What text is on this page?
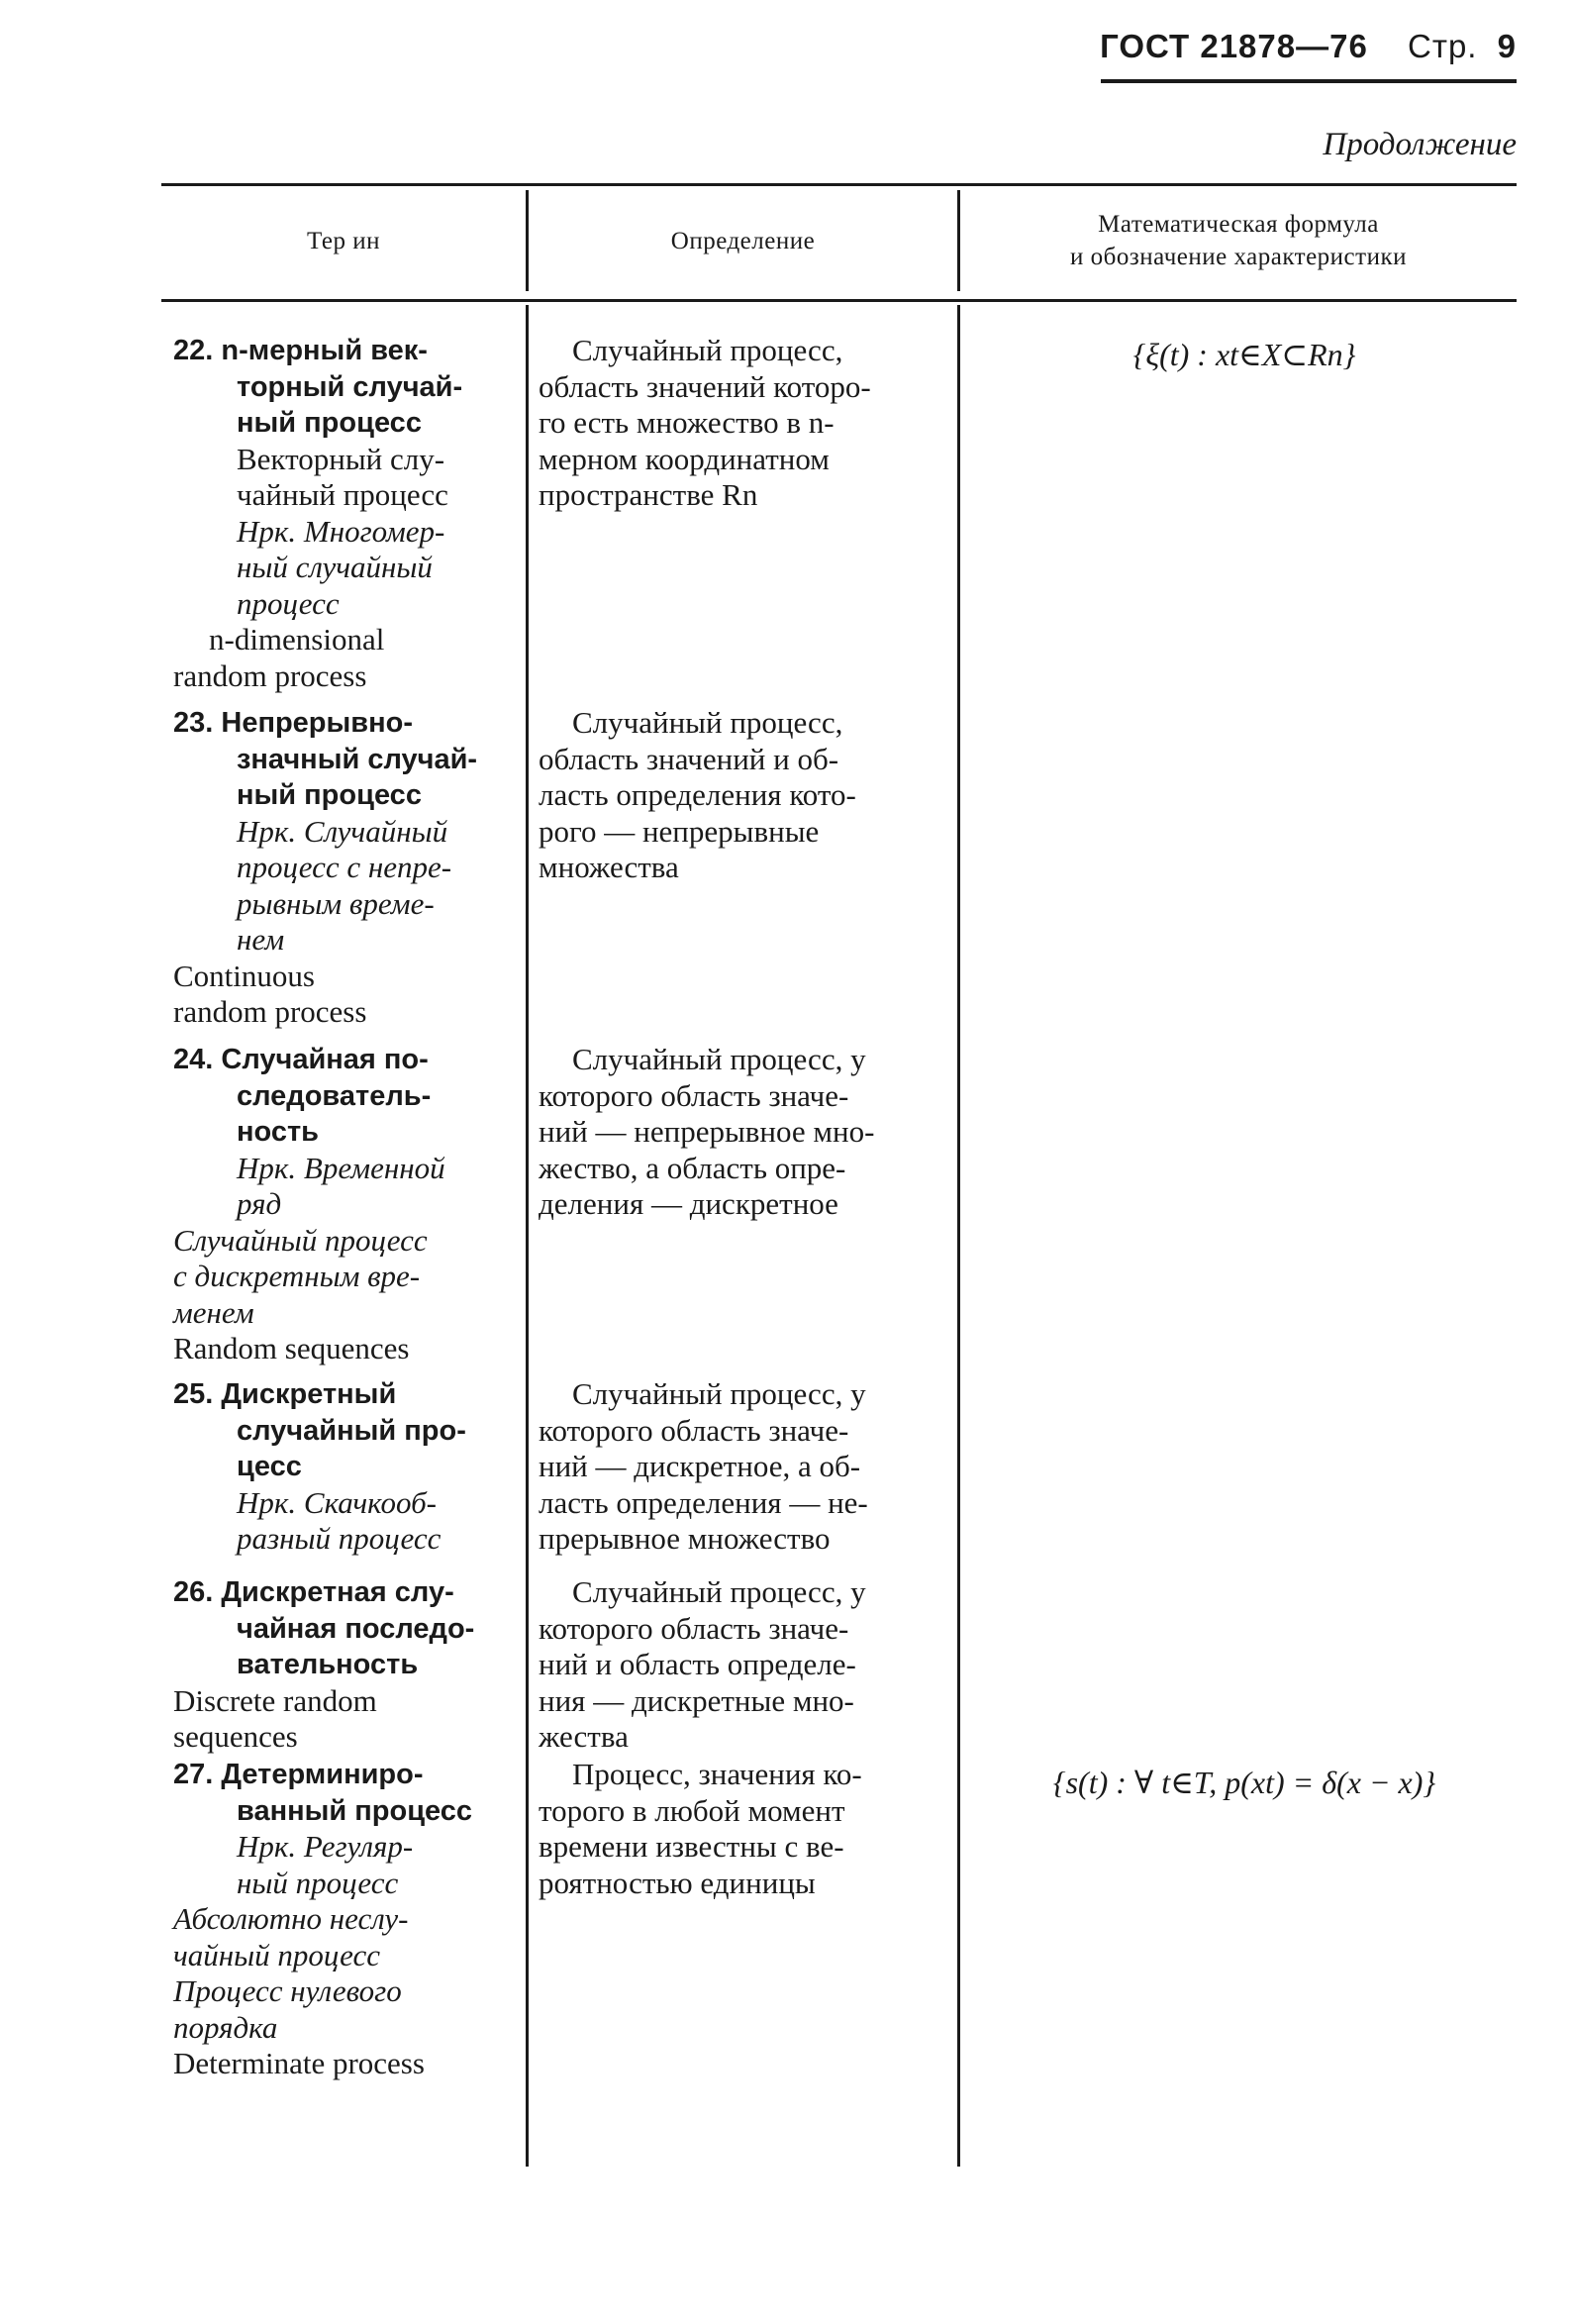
ГОСТ 21878—76 Стр. 9
Продолжение
Тер ин	Определение
Математическая формула
и обозначение характеристики
22. n-мерный век-
торный случай-
ный процесс
Векторный слу-
чайный процесс
Нрк. Многомер-
ный случайный
процесс
n-dimensional
random process
Случайный процесс,
область значений которо-
го есть множество в n-
мерном координатном
пространстве Rn
{ξ(t) : xt∈X⊂Rn}
23. Непрерывно-
значный случай-
ный процесс
Нрк. Случайный
процесс с непре-
рывным време-
нем
Continuous
random process
Случайный процесс,
область значений и об-
ласть определения кото-
рого — непрерывные
множества
24. Случайная по-
следователь-
ность
Нрк. Временной
ряд
Случайный процесс
с дискретным вре-
менем
Random sequences
Случайный процесс, у
которого область значе-
ний — непрерывное мно-
жество, а область опре-
деления — дискретное
25. Дискретный
случайный про-
цесс
Нрк. Скачкооб-
разный процесс
Случайный процесс, у
которого область значе-
ний — дискретное, а об-
ласть определения — не-
прерывное множество
26. Дискретная слу-
чайная последо-
вательность
Discrete random
sequences
Случайный процесс, у
которого область значе-
ний и область определе-
ния — дискретные мно-
жества
27. Детерминиро-
ванный процесс
Нрк. Регуляр-
ный процесс
Абсолютно неслу-
чайный процесс
Процесс нулевого
порядка
Determinate process
Процесс, значения ко-
торого в любой момент
времени известны с ве-
роятностью единицы
{s(t) : ∀ t∈T, p(xt) = δ(x − x)}
